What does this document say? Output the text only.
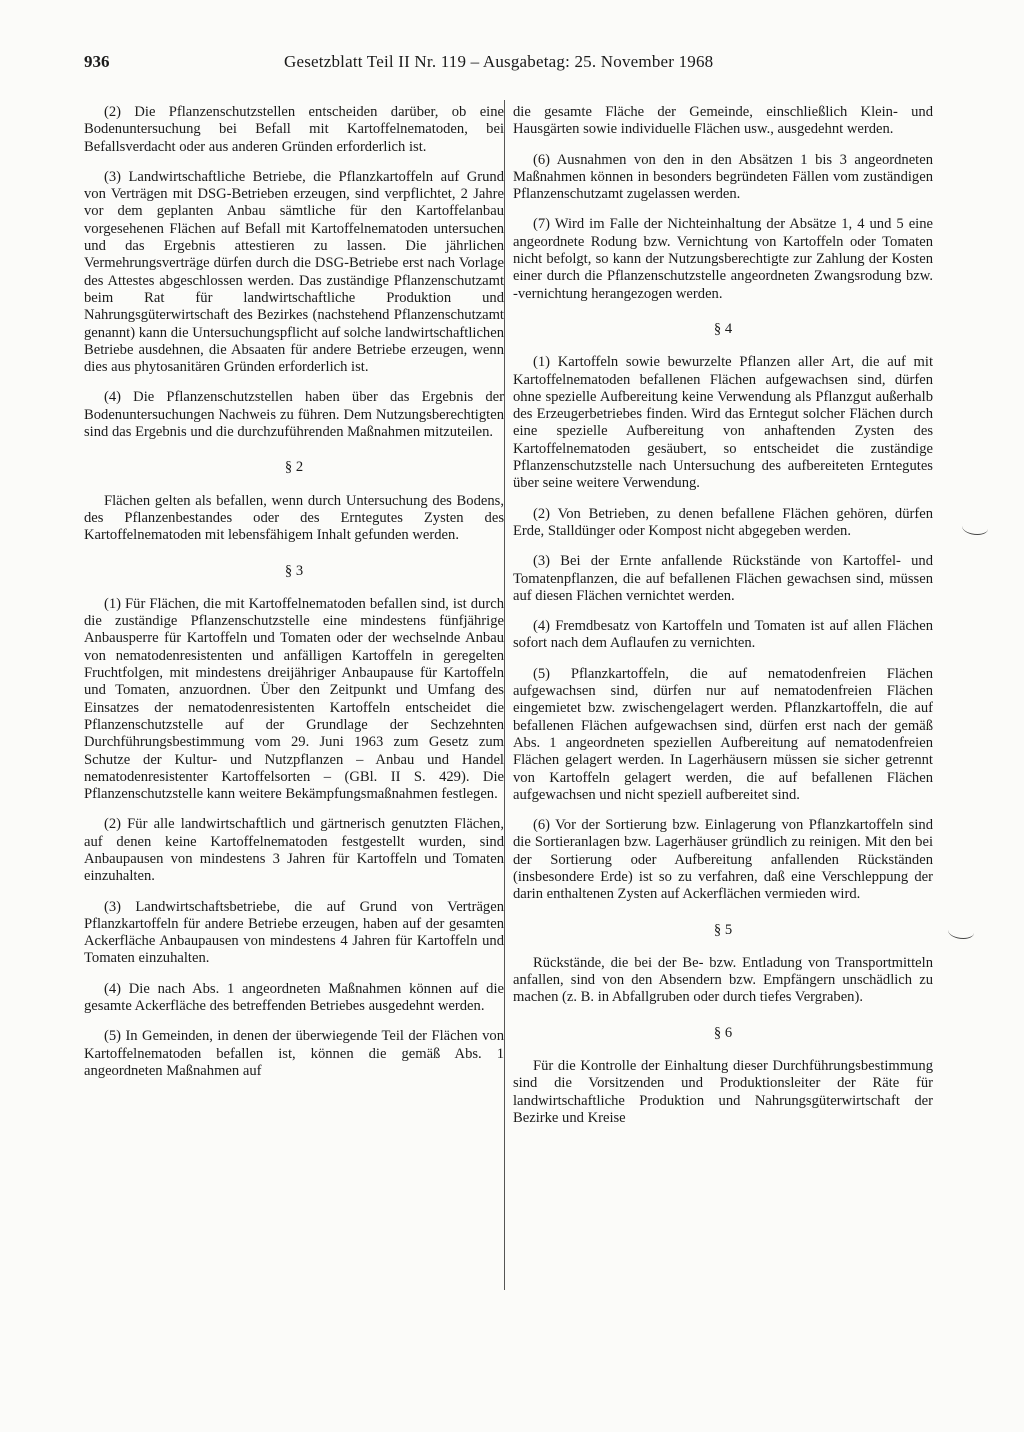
936	Gesetzblatt Teil II Nr. 119 – Ausgabetag: 25. November 1968

(2) Die Pflanzenschutzstellen entscheiden darüber, ob eine Bodenuntersuchung bei Befall mit Kartoffelnematoden, bei Befallsverdacht oder aus anderen Gründen erforderlich ist.

(3) Landwirtschaftliche Betriebe, die Pflanzkartoffeln auf Grund von Verträgen mit DSG-Betrieben erzeugen, sind verpflichtet, 2 Jahre vor dem geplanten Anbau sämtliche für den Kartoffelanbau vorgesehenen Flächen auf Befall mit Kartoffelnematoden untersuchen und das Ergebnis attestieren zu lassen. Die jährlichen Vermehrungsverträge dürfen durch die DSG-Betriebe erst nach Vorlage des Attestes abgeschlossen werden. Das zuständige Pflanzenschutzamt beim Rat für landwirtschaftliche Produktion und Nahrungsgüterwirtschaft des Bezirkes (nachstehend Pflanzenschutzamt genannt) kann die Untersuchungspflicht auf solche landwirtschaftlichen Betriebe ausdehnen, die Absaaten für andere Betriebe erzeugen, wenn dies aus phytosanitären Gründen erforderlich ist.

(4) Die Pflanzenschutzstellen haben über das Ergebnis der Bodenuntersuchungen Nachweis zu führen. Dem Nutzungsberechtigten sind das Ergebnis und die durchzuführenden Maßnahmen mitzuteilen.

§ 2

Flächen gelten als befallen, wenn durch Untersuchung des Bodens, des Pflanzenbestandes oder des Erntegutes Zysten des Kartoffelnematoden mit lebensfähigem Inhalt gefunden werden.

§ 3

(1) Für Flächen, die mit Kartoffelnematoden befallen sind, ist durch die zuständige Pflanzenschutzstelle eine mindestens fünfjährige Anbausperre für Kartoffeln und Tomaten oder der wechselnde Anbau von nematodenresistenten und anfälligen Kartoffeln in geregelten Fruchtfolgen, mit mindestens dreijähriger Anbaupause für Kartoffeln und Tomaten, anzuordnen. Über den Zeitpunkt und Umfang des Einsatzes der nematodenresistenten Kartoffeln entscheidet die Pflanzenschutzstelle auf der Grundlage der Sechzehnten Durchführungsbestimmung vom 29. Juni 1963 zum Gesetz zum Schutze der Kultur- und Nutzpflanzen – Anbau und Handel nematodenresistenter Kartoffelsorten – (GBl. II S. 429). Die Pflanzenschutzstelle kann weitere Bekämpfungsmaßnahmen festlegen.

(2) Für alle landwirtschaftlich und gärtnerisch genutzten Flächen, auf denen keine Kartoffelnematoden festgestellt wurden, sind Anbaupausen von mindestens 3 Jahren für Kartoffeln und Tomaten einzuhalten.

(3) Landwirtschaftsbetriebe, die auf Grund von Verträgen Pflanzkartoffeln für andere Betriebe erzeugen, haben auf der gesamten Ackerfläche Anbaupausen von mindestens 4 Jahren für Kartoffeln und Tomaten einzuhalten.

(4) Die nach Abs. 1 angeordneten Maßnahmen können auf die gesamte Ackerfläche des betreffenden Betriebes ausgedehnt werden.

(5) In Gemeinden, in denen der überwiegende Teil der Flächen von Kartoffelnematoden befallen ist, können die gemäß Abs. 1 angeordneten Maßnahmen auf

die gesamte Fläche der Gemeinde, einschließlich Klein- und Hausgärten sowie individuelle Flächen usw., ausgedehnt werden.

(6) Ausnahmen von den in den Absätzen 1 bis 3 angeordneten Maßnahmen können in besonders begründeten Fällen vom zuständigen Pflanzenschutzamt zugelassen werden.

(7) Wird im Falle der Nichteinhaltung der Absätze 1, 4 und 5 eine angeordnete Rodung bzw. Vernichtung von Kartoffeln oder Tomaten nicht befolgt, so kann der Nutzungsberechtigte zur Zahlung der Kosten einer durch die Pflanzenschutzstelle angeordneten Zwangsrodung bzw. -vernichtung herangezogen werden.

§ 4

(1) Kartoffeln sowie bewurzelte Pflanzen aller Art, die auf mit Kartoffelnematoden befallenen Flächen aufgewachsen sind, dürfen ohne spezielle Aufbereitung keine Verwendung als Pflanzgut außerhalb des Erzeugerbetriebes finden. Wird das Erntegut solcher Flächen durch eine spezielle Aufbereitung von anhaftenden Zysten des Kartoffelnematoden gesäubert, so entscheidet die zuständige Pflanzenschutzstelle nach Untersuchung des aufbereiteten Erntegutes über seine weitere Verwendung.

(2) Von Betrieben, zu denen befallene Flächen gehören, dürfen Erde, Stalldünger oder Kompost nicht abgegeben werden.

(3) Bei der Ernte anfallende Rückstände von Kartoffel- und Tomatenpflanzen, die auf befallenen Flächen gewachsen sind, müssen auf diesen Flächen vernichtet werden.

(4) Fremdbesatz von Kartoffeln und Tomaten ist auf allen Flächen sofort nach dem Auflaufen zu vernichten.

(5) Pflanzkartoffeln, die auf nematodenfreien Flächen aufgewachsen sind, dürfen nur auf nematodenfreien Flächen eingemietet bzw. zwischengelagert werden. Pflanzkartoffeln, die auf befallenen Flächen aufgewachsen sind, dürfen erst nach der gemäß Abs. 1 angeordneten speziellen Aufbereitung auf nematodenfreien Flächen gelagert werden. In Lagerhäusern müssen sie sicher getrennt von Kartoffeln gelagert werden, die auf befallenen Flächen aufgewachsen und nicht speziell aufbereitet sind.

(6) Vor der Sortierung bzw. Einlagerung von Pflanzkartoffeln sind die Sortieranlagen bzw. Lagerhäuser gründlich zu reinigen. Mit den bei der Sortierung oder Aufbereitung anfallenden Rückständen (insbesondere Erde) ist so zu verfahren, daß eine Verschleppung der darin enthaltenen Zysten auf Ackerflächen vermieden wird.

§ 5

Rückstände, die bei der Be- bzw. Entladung von Transportmitteln anfallen, sind von den Absendern bzw. Empfängern unschädlich zu machen (z. B. in Abfallgruben oder durch tiefes Vergraben).

§ 6

Für die Kontrolle der Einhaltung dieser Durchführungsbestimmung sind die Vorsitzenden und Produktionsleiter der Räte für landwirtschaftliche Produktion und Nahrungsgüterwirtschaft der Bezirke und Kreise
